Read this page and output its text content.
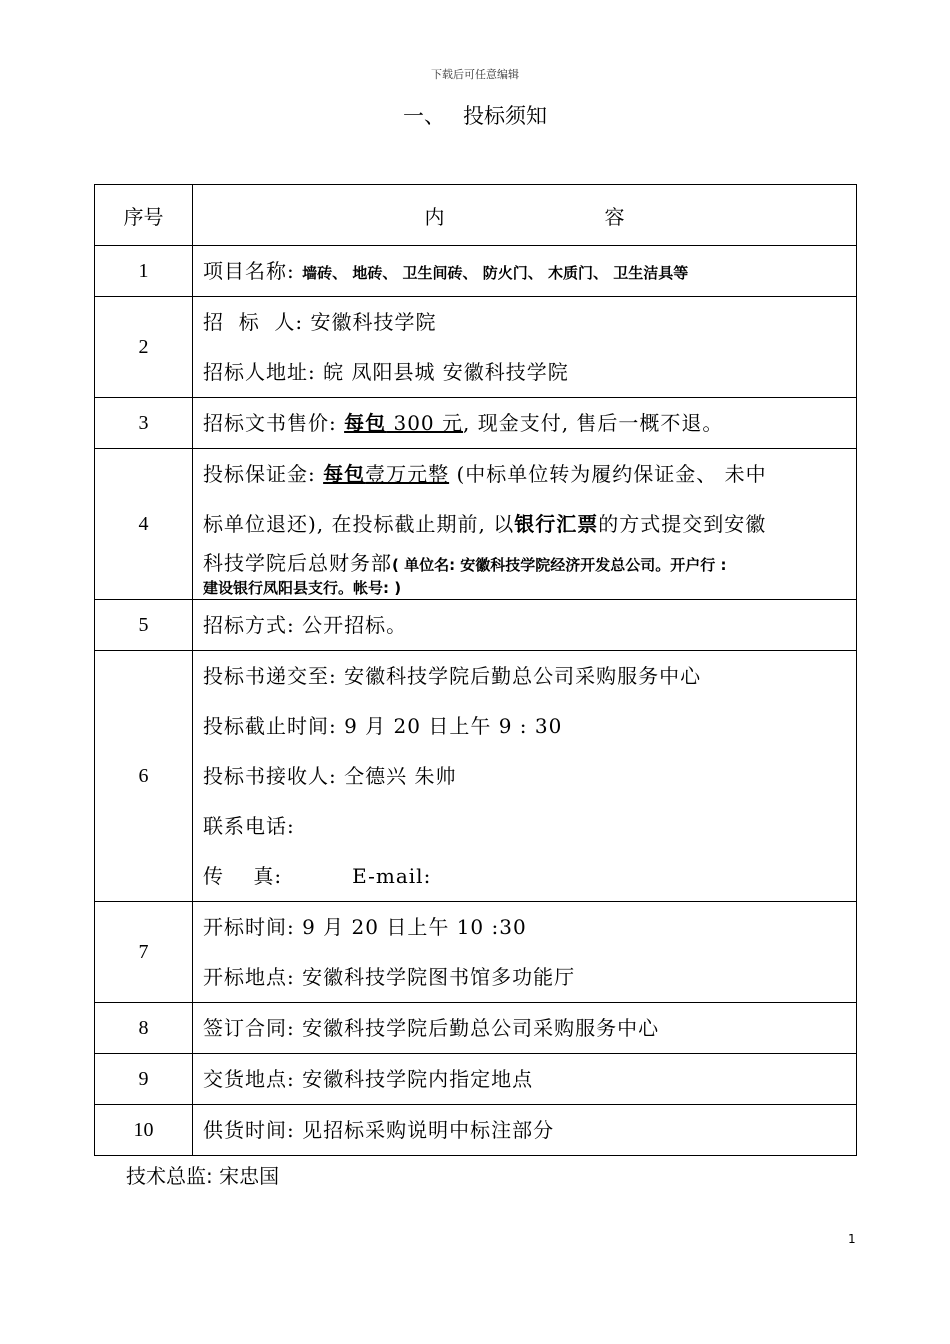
下载后可任意编辑
一、 投标须知
序号	内 容
1	项目名称: 墙砖、 地砖、 卫生间砖、 防火门、 木质门、 卫生洁具等

2	招  标  人: 安徽科技学院
招标人地址: 皖 凤阳县城 安徽科技学院

3	招标文书售价: 每包 300 元, 现金支付, 售后一概不退。

4	投标保证金: 每包壹万元整 (中标单位转为履约保证金、 未中
标单位退还), 在投标截止期前, 以银行汇票的方式提交到安徽
科技学院后总财务部( 单位名: 安徽科技学院经济开发总公司。开户行 :
建设银行凤阳县支行。帐号: )

5	招标方式: 公开招标。

6	投标书递交至: 安徽科技学院后勤总公司采购服务中心
投标截止时间: 9 月 20 日上午 9 : 30
投标书接收人: 仝德兴 朱帅
联系电话:
传    真: E-mail:

7	开标时间: 9 月 20 日上午 10 :30
开标地点: 安徽科技学院图书馆多功能厅

8	签订合同: 安徽科技学院后勤总公司采购服务中心

9	交货地点: 安徽科技学院内指定地点

10	供货时间: 见招标采购说明中标注部分
技术总监: 宋忠国
1
